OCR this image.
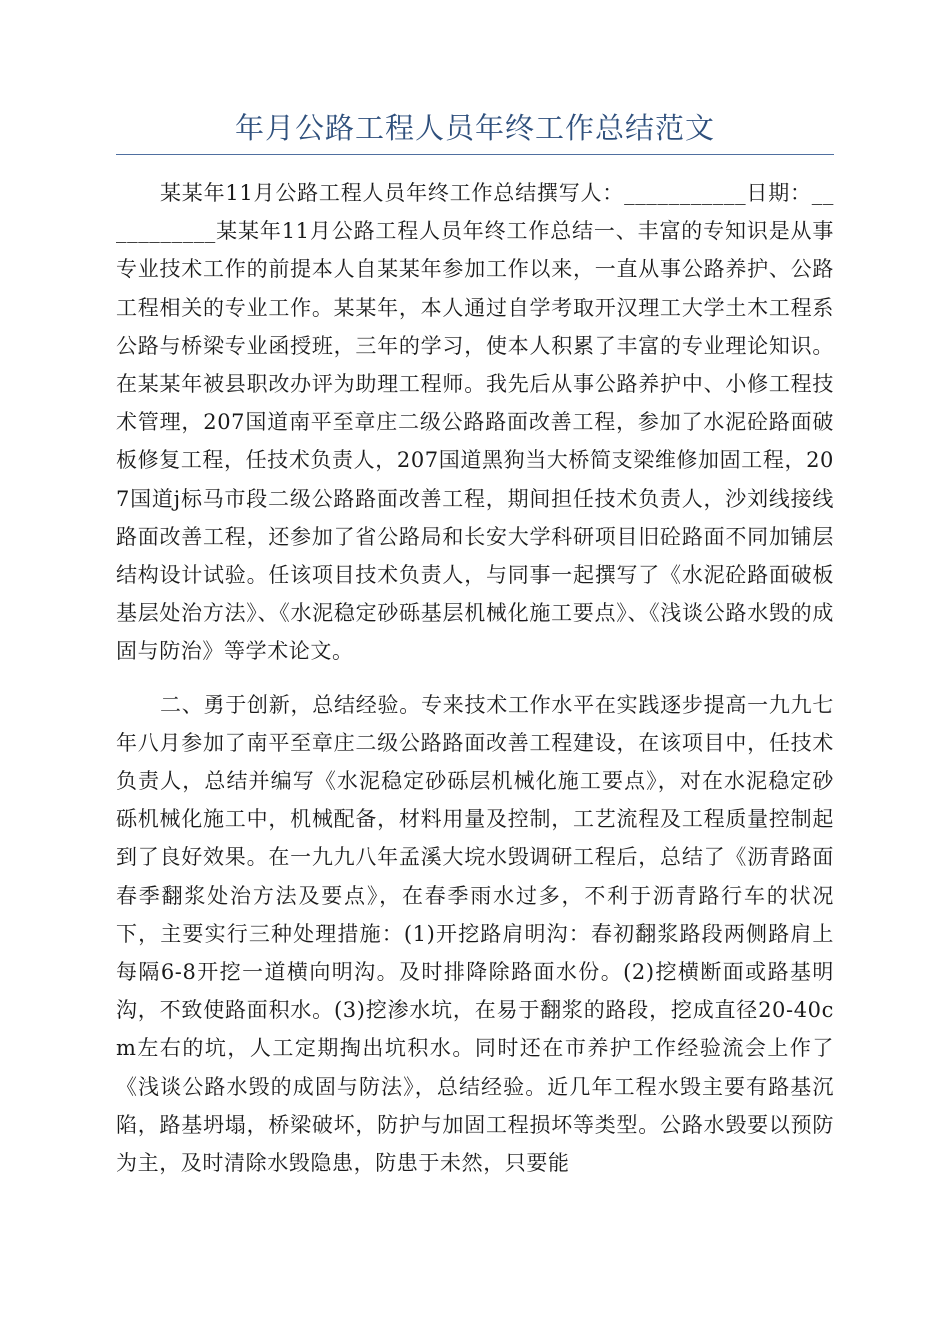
年月公路工程人员年终工作总结范文

某某年11月公路工程人员年终工作总结撰写人：___________日期：___________某某年11月公路工程人员年终工作总结一、丰富的专知识是从事专业技术工作的前提本人自某某年参加工作以来，一直从事公路养护、公路工程相关的专业工作。某某年，本人通过自学考取开汉理工大学土木工程系公路与桥梁专业函授班，三年的学习，使本人积累了丰富的专业理论知识。在某某年被县职改办评为助理工程师。我先后从事公路养护中、小修工程技术管理，207国道南平至章庄二级公路路面改善工程，参加了水泥砼路面破板修复工程，任技术负责人，207国道黑狗当大桥简支梁维修加固工程，207国道j标马市段二级公路路面改善工程，期间担任技术负责人，沙刘线接线路面改善工程，还参加了省公路局和长安大学科研项目旧砼路面不同加铺层结构设计试验。任该项目技术负责人，与同事一起撰写了《水泥砼路面破板基层处治方法》、《水泥稳定砂砾基层机械化施工要点》、《浅谈公路水毁的成固与防治》等学术论文。

二、勇于创新，总结经验。专来技术工作水平在实践逐步提高一九九七年八月参加了南平至章庄二级公路路面改善工程建设，在该项目中，任技术负责人，总结并编写《水泥稳定砂砾层机械化施工要点》，对在水泥稳定砂砾机械化施工中，机械配备，材料用量及控制，工艺流程及工程质量控制起到了良好效果。在一九九八年孟溪大垸水毁调研工程后，总结了《沥青路面春季翻浆处治方法及要点》，在春季雨水过多，不利于沥青路行车的状况下，主要实行三种处理措施：(1)开挖路肩明沟：春初翻浆路段两侧路肩上每隔6-8开挖一道横向明沟。及时排降除路面水份。(2)挖横断面或路基明沟，不致使路面积水。(3)挖渗水坑，在易于翻浆的路段，挖成直径20-40cm左右的坑，人工定期掏出坑积水。同时还在市养护工作经验流会上作了《浅谈公路水毁的成固与防法》，总结经验。近几年工程水毁主要有路基沉陷，路基坍塌，桥梁破坏，防护与加固工程损坏等类型。公路水毁要以预防为主，及时清除水毁隐患，防患于未然，只要能
